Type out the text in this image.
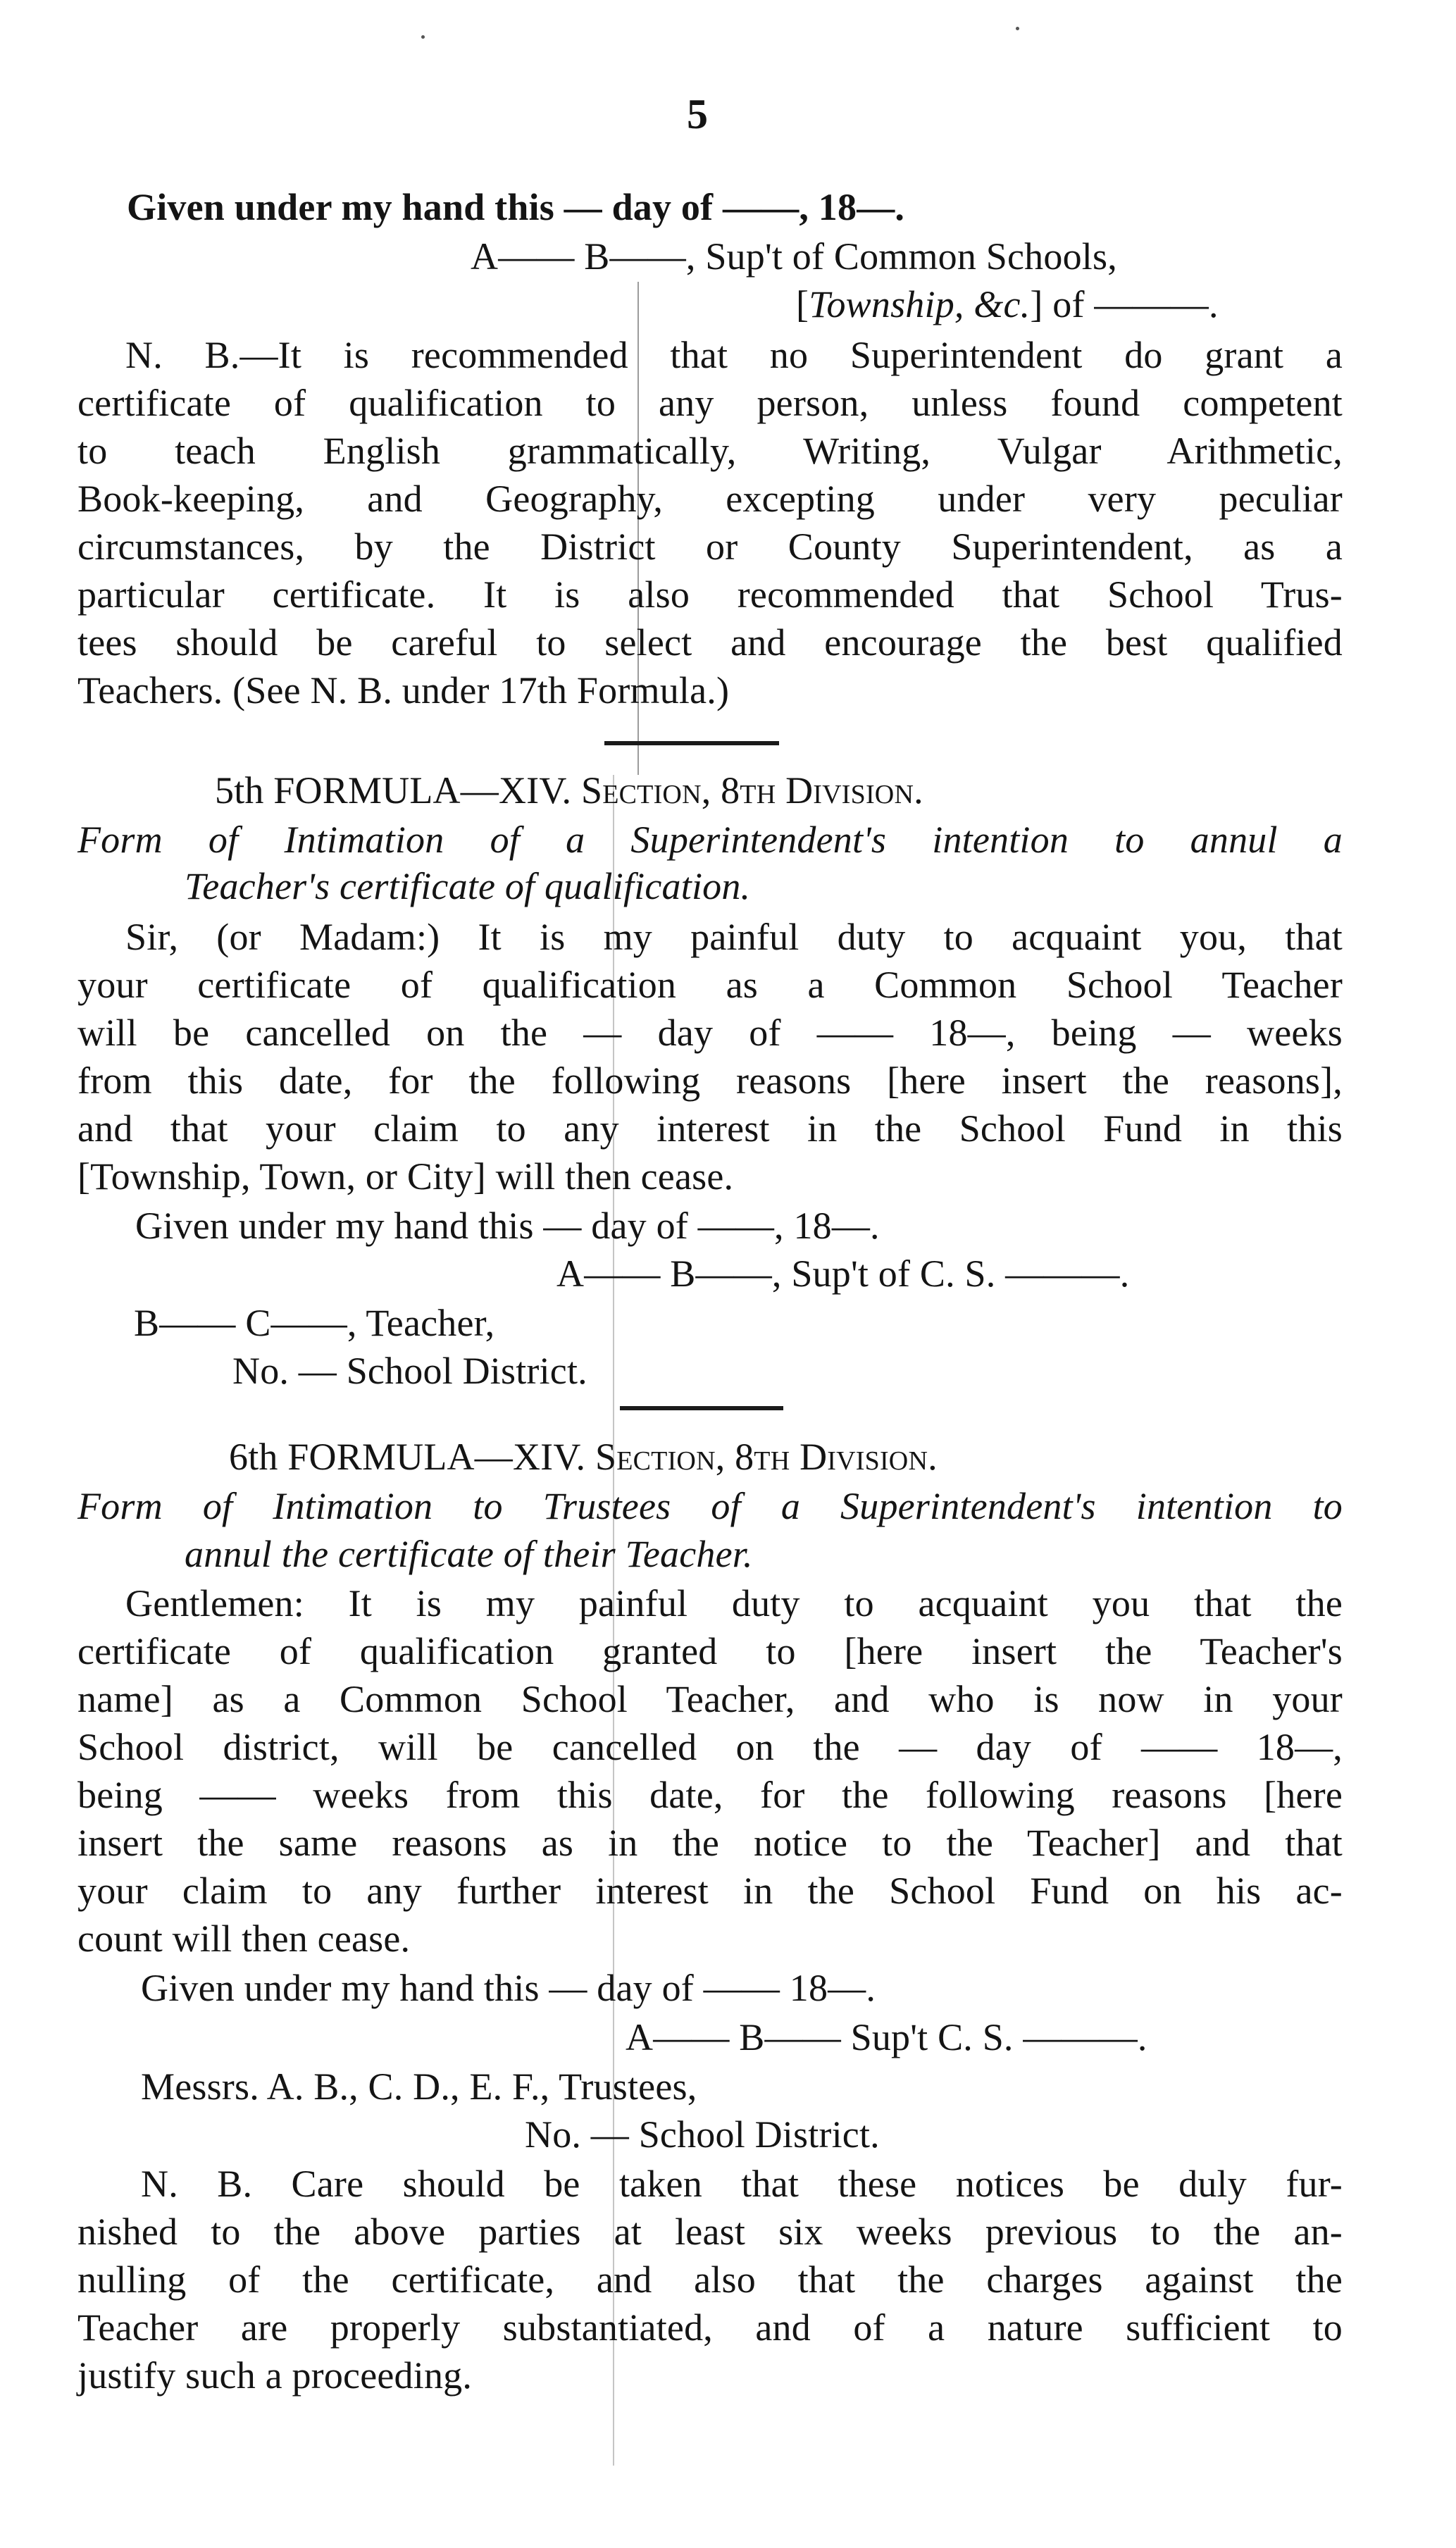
5
Given under my hand this — day of ——, 18—.
A—— B——, Sup't of Common Schools,
[Township, &c.] of ———.
N. B.—It is recommended that no Superintendent do grant a
certificate of qualification to any person, unless found competent
to teach English grammatically, Writing, Vulgar Arithmetic,
Book-keeping, and Geography, excepting under very peculiar
circumstances, by the District or County Superintendent, as a
particular certificate. It is also recommended that School Trus-
tees should be careful to select and encourage the best qualified
Teachers. (See N. B. under 17th Formula.)
5th FORMULA—XIV. Section, 8th Division.
Form of Intimation of a Superintendent's intention to annul a
Teacher's certificate of qualification.
Sir, (or Madam:) It is my painful duty to acquaint you, that
your certificate of qualification as a Common School Teacher
will be cancelled on the — day of —— 18—, being — weeks
from this date, for the following reasons [here insert the reasons],
and that your claim to any interest in the School Fund in this
[Township, Town, or City] will then cease.
Given under my hand this — day of ——, 18—.
A—— B——, Sup't of C. S. ———.
B—— C——, Teacher,
No. — School District.
6th FORMULA—XIV. Section, 8th Division.
Form of Intimation to Trustees of a Superintendent's intention to
annul the certificate of their Teacher.
Gentlemen: It is my painful duty to acquaint you that the
certificate of qualification granted to [here insert the Teacher's
name] as a Common School Teacher, and who is now in your
School district, will be cancelled on the — day of —— 18—,
being —— weeks from this date, for the following reasons [here
insert the same reasons as in the notice to the Teacher] and that
your claim to any further interest in the School Fund on his ac-
count will then cease.
Given under my hand this — day of —— 18—.
A—— B—— Sup't C. S. ———.
Messrs. A. B., C. D., E. F., Trustees,
No. — School District.
N. B. Care should be taken that these notices be duly fur-
nished to the above parties at least six weeks previous to the an-
nulling of the certificate, and also that the charges against the
Teacher are properly substantiated, and of a nature sufficient to
justify such a proceeding.
